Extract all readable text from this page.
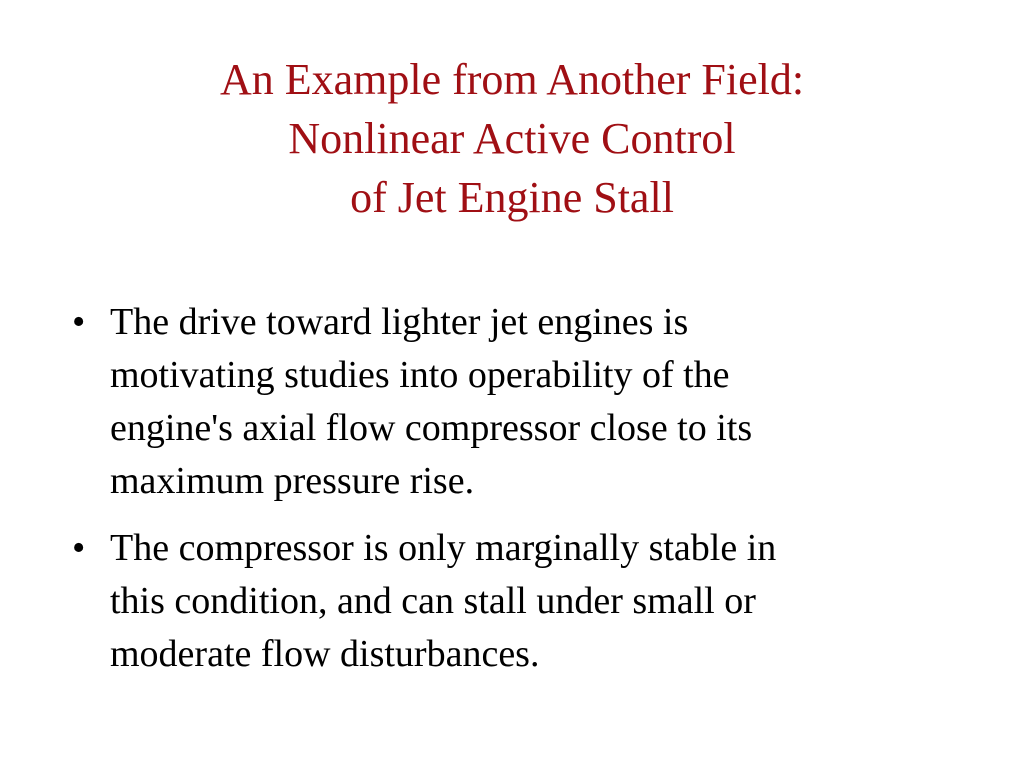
An Example from Another Field:
Nonlinear Active Control
of Jet Engine Stall
• The drive toward lighter jet engines is
motivating studies into operability of the
engine's axial flow compressor close to its
maximum pressure rise.
• The compressor is only marginally stable in
this condition, and can stall under small or
moderate flow disturbances.
